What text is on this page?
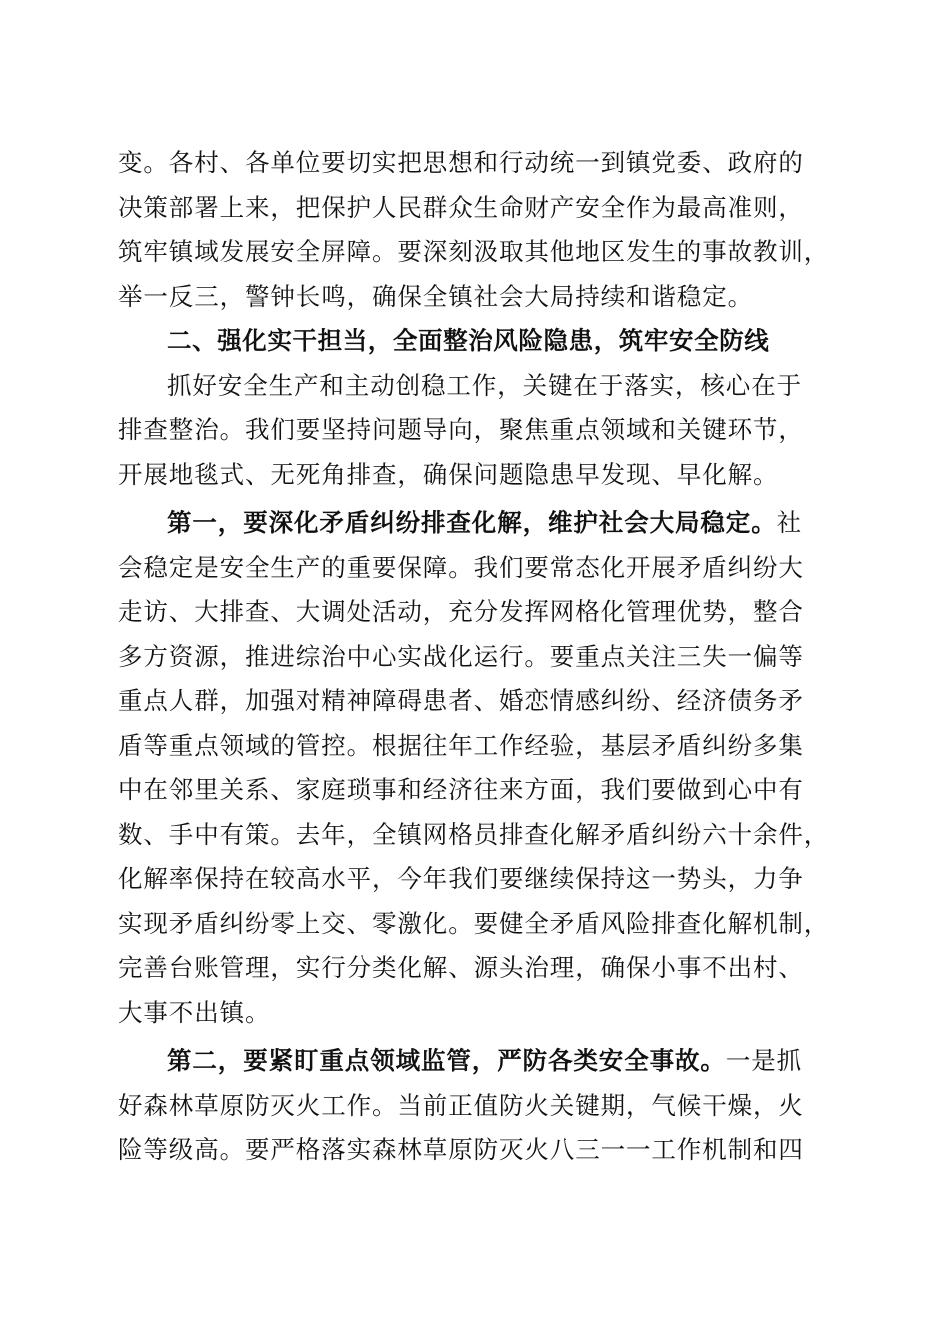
变。各村、各单位要切实把思想和行动统一到镇党委、政府的
决策部署上来，把保护人民群众生命财产安全作为最高准则，
筑牢镇域发展安全屏障。要深刻汲取其他地区发生的事故教训，
举一反三，警钟长鸣，确保全镇社会大局持续和谐稳定。
二、强化实干担当，全面整治风险隐患，筑牢安全防线
抓好安全生产和主动创稳工作，关键在于落实，核心在于
排查整治。我们要坚持问题导向，聚焦重点领域和关键环节，
开展地毯式、无死角排查，确保问题隐患早发现、早化解。
第一，要深化矛盾纠纷排查化解，维护社会大局稳定。社
会稳定是安全生产的重要保障。我们要常态化开展矛盾纠纷大
走访、大排查、大调处活动，充分发挥网格化管理优势，整合
多方资源，推进综治中心实战化运行。要重点关注三失一偏等
重点人群，加强对精神障碍患者、婚恋情感纠纷、经济债务矛
盾等重点领域的管控。根据往年工作经验，基层矛盾纠纷多集
中在邻里关系、家庭琐事和经济往来方面，我们要做到心中有
数、手中有策。去年，全镇网格员排查化解矛盾纠纷六十余件，
化解率保持在较高水平，今年我们要继续保持这一势头，力争
实现矛盾纠纷零上交、零激化。要健全矛盾风险排查化解机制，
完善台账管理，实行分类化解、源头治理，确保小事不出村、
大事不出镇。
第二，要紧盯重点领域监管，严防各类安全事故。一是抓
好森林草原防灭火工作。当前正值防火关键期，气候干燥，火
险等级高。要严格落实森林草原防灭火八三一一工作机制和四
